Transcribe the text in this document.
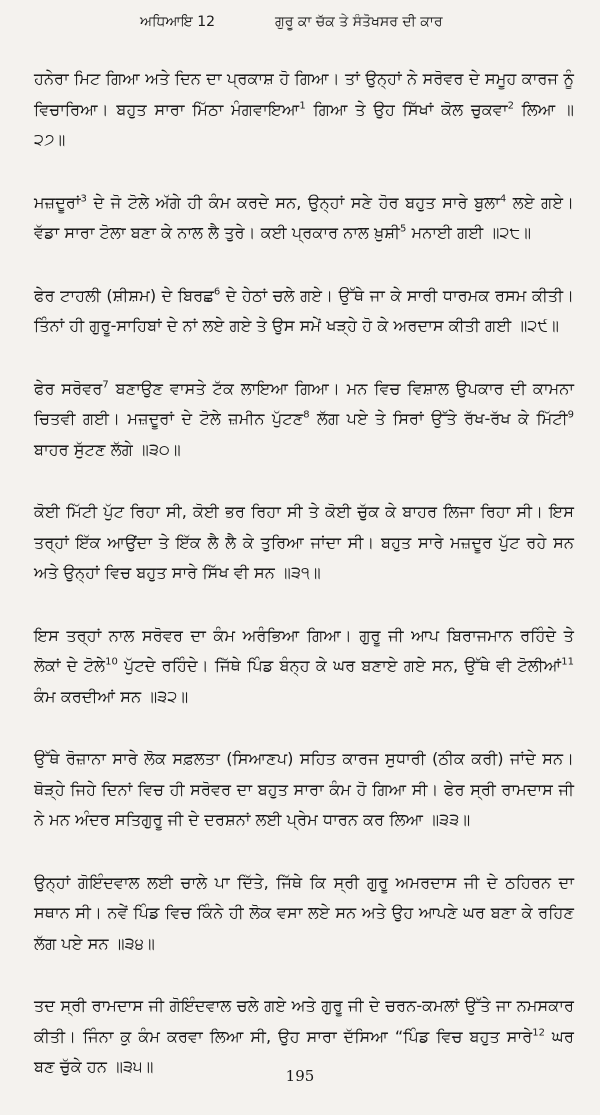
ਅਧਿਆਇ 12	ਗੁਰੂ ਕਾ ਚੱਕ ਤੇ ਸੰਤੋਖਸਰ ਦੀ ਕਾਰ

ਹਨੇਰਾ ਮਿਟ ਗਿਆ ਅਤੇ ਦਿਨ ਦਾ ਪ੍ਰਕਾਸ਼ ਹੋ ਗਿਆ। ਤਾਂ ਉਨ੍ਹਾਂ ਨੇ ਸਰੋਵਰ ਦੇ ਸਮੂਹ ਕਾਰਜ ਨੂੰ ਵਿਚਾਰਿਆ। ਬਹੁਤ ਸਾਰਾ ਮਿੱਠਾ ਮੰਗਵਾਇਆ$^1$ ਗਿਆ ਤੇ ਉਹ ਸਿੱਖਾਂ ਕੋਲ ਚੁਕਵਾ$^2$ ਲਿਆ ॥੨੭॥

ਮਜ਼ਦੂਰਾਂ$^3$ ਦੇ ਜੋ ਟੋਲੇ ਅੱਗੇ ਹੀ ਕੰਮ ਕਰਦੇ ਸਨ, ਉਨ੍ਹਾਂ ਸਣੇ ਹੋਰ ਬਹੁਤ ਸਾਰੇ ਬੁਲਾ$^4$ ਲਏ ਗਏ। ਵੱਡਾ ਸਾਰਾ ਟੋਲਾ ਬਣਾ ਕੇ ਨਾਲ ਲੈ ਤੁਰੇ। ਕਈ ਪ੍ਰਕਾਰ ਨਾਲ ਖ਼ੁਸ਼ੀ$^5$ ਮਨਾਈ ਗਈ ॥੨੮॥

ਫੇਰ ਟਾਹਲੀ (ਸ਼ੀਸ਼ਮ) ਦੇ ਬਿਰਛ$^6$ ਦੇ ਹੇਠਾਂ ਚਲੇ ਗਏ। ਉੱਥੇ ਜਾ ਕੇ ਸਾਰੀ ਧਾਰਮਕ ਰਸਮ ਕੀਤੀ। ਤਿੰਨਾਂ ਹੀ ਗੁਰੂ-ਸਾਹਿਬਾਂ ਦੇ ਨਾਂ ਲਏ ਗਏ ਤੇ ਉਸ ਸਮੇਂ ਖੜ੍ਹੇ ਹੋ ਕੇ ਅਰਦਾਸ ਕੀਤੀ ਗਈ ॥੨੯॥

ਫੇਰ ਸਰੋਵਰ$^7$ ਬਣਾਉਣ ਵਾਸਤੇ ਟੱਕ ਲਾਇਆ ਗਿਆ। ਮਨ ਵਿਚ ਵਿਸ਼ਾਲ ਉਪਕਾਰ ਦੀ ਕਾਮਨਾ ਚਿਤਵੀ ਗਈ। ਮਜ਼ਦੂਰਾਂ ਦੇ ਟੋਲੇ ਜ਼ਮੀਨ ਪੁੱਟਣ$^8$ ਲੱਗ ਪਏ ਤੇ ਸਿਰਾਂ ਉੱਤੇ ਰੱਖ-ਰੱਖ ਕੇ ਮਿੱਟੀ$^9$ ਬਾਹਰ ਸੁੱਟਣ ਲੱਗੇ ॥੩੦॥

ਕੋਈ ਮਿੱਟੀ ਪੁੱਟ ਰਿਹਾ ਸੀ, ਕੋਈ ਭਰ ਰਿਹਾ ਸੀ ਤੇ ਕੋਈ ਚੁੱਕ ਕੇ ਬਾਹਰ ਲਿਜਾ ਰਿਹਾ ਸੀ। ਇਸ ਤਰ੍ਹਾਂ ਇੱਕ ਆਉਂਦਾ ਤੇ ਇੱਕ ਲੈ ਲੈ ਕੇ ਤੁਰਿਆ ਜਾਂਦਾ ਸੀ। ਬਹੁਤ ਸਾਰੇ ਮਜ਼ਦੂਰ ਪੁੱਟ ਰਹੇ ਸਨ ਅਤੇ ਉਨ੍ਹਾਂ ਵਿਚ ਬਹੁਤ ਸਾਰੇ ਸਿੱਖ ਵੀ ਸਨ ॥੩੧॥

ਇਸ ਤਰ੍ਹਾਂ ਨਾਲ ਸਰੋਵਰ ਦਾ ਕੰਮ ਅਰੰਭਿਆ ਗਿਆ। ਗੁਰੂ ਜੀ ਆਪ ਬਿਰਾਜਮਾਨ ਰਹਿੰਦੇ ਤੇ ਲੋਕਾਂ ਦੇ ਟੋਲੇ$^{10}$ ਪੁੱਟਦੇ ਰਹਿੰਦੇ। ਜਿੱਥੇ ਪਿੰਡ ਬੰਨ੍ਹ ਕੇ ਘਰ ਬਣਾਏ ਗਏ ਸਨ, ਉੱਥੇ ਵੀ ਟੋਲੀਆਂ$^{11}$ ਕੰਮ ਕਰਦੀਆਂ ਸਨ ॥੩੨॥

ਉੱਥੇ ਰੋਜ਼ਾਨਾ ਸਾਰੇ ਲੋਕ ਸਫ਼ਲਤਾ (ਸਿਆਣਪ) ਸਹਿਤ ਕਾਰਜ ਸੁਧਾਰੀ (ਠੀਕ ਕਰੀ) ਜਾਂਦੇ ਸਨ। ਥੋੜ੍ਹੇ ਜਿਹੇ ਦਿਨਾਂ ਵਿਚ ਹੀ ਸਰੋਵਰ ਦਾ ਬਹੁਤ ਸਾਰਾ ਕੰਮ ਹੋ ਗਿਆ ਸੀ। ਫੇਰ ਸ੍ਰੀ ਰਾਮਦਾਸ ਜੀ ਨੇ ਮਨ ਅੰਦਰ ਸਤਿਗੁਰੂ ਜੀ ਦੇ ਦਰਸ਼ਨਾਂ ਲਈ ਪ੍ਰੇਮ ਧਾਰਨ ਕਰ ਲਿਆ ॥੩੩॥

ਉਨ੍ਹਾਂ ਗੋਇੰਦਵਾਲ ਲਈ ਚਾਲੇ ਪਾ ਦਿੱਤੇ, ਜਿੱਥੇ ਕਿ ਸ੍ਰੀ ਗੁਰੂ ਅਮਰਦਾਸ ਜੀ ਦੇ ਠਹਿਰਨ ਦਾ ਸਥਾਨ ਸੀ। ਨਵੇਂ ਪਿੰਡ ਵਿਚ ਕਿੰਨੇ ਹੀ ਲੋਕ ਵਸਾ ਲਏ ਸਨ ਅਤੇ ਉਹ ਆਪਣੇ ਘਰ ਬਣਾ ਕੇ ਰਹਿਣ ਲੱਗ ਪਏ ਸਨ ॥੩੪॥

ਤਦ ਸ੍ਰੀ ਰਾਮਦਾਸ ਜੀ ਗੋਇੰਦਵਾਲ ਚਲੇ ਗਏ ਅਤੇ ਗੁਰੂ ਜੀ ਦੇ ਚਰਨ-ਕਮਲਾਂ ਉੱਤੇ ਜਾ ਨਮਸਕਾਰ ਕੀਤੀ। ਜਿੰਨਾ ਕੁ ਕੰਮ ਕਰਵਾ ਲਿਆ ਸੀ, ਉਹ ਸਾਰਾ ਦੱਸਿਆ “ਪਿੰਡ ਵਿਚ ਬਹੁਤ ਸਾਰੇ$^{12}$ ਘਰ ਬਣ ਚੁੱਕੇ ਹਨ ॥੩੫॥	195
